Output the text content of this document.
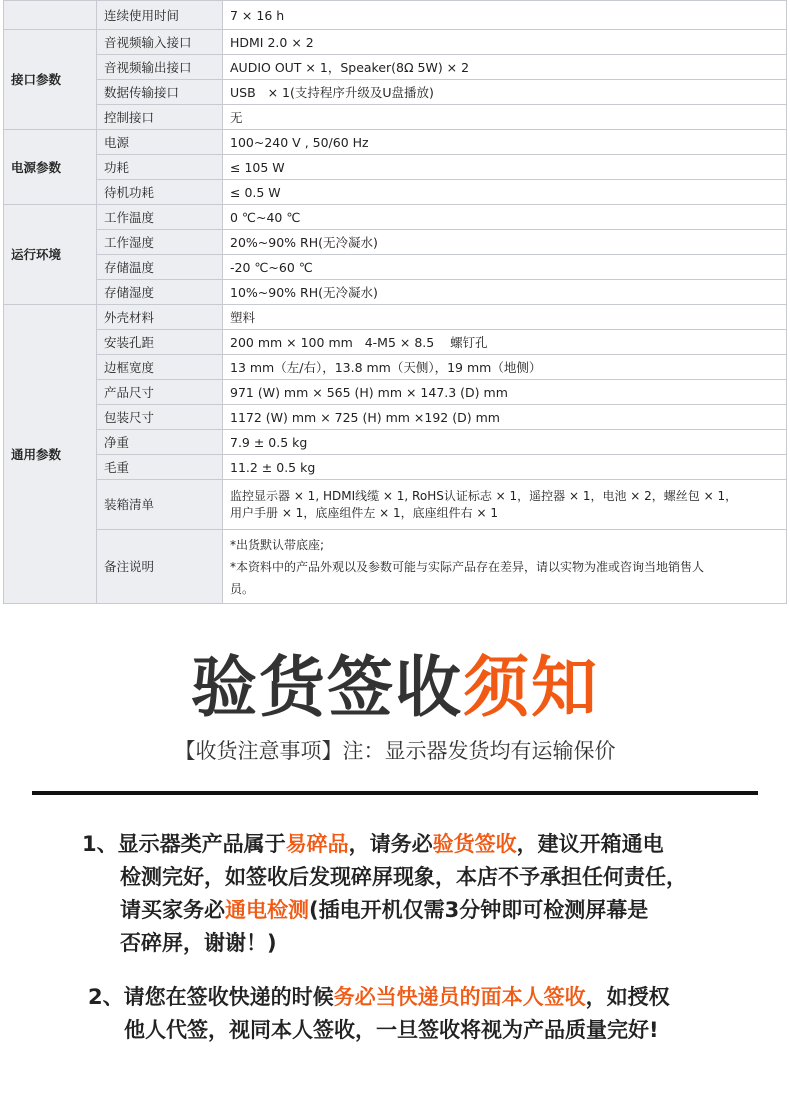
	连续使用时间	7 × 16 h
接口参数	音视频输入接口	HDMI 2.0 × 2
	音视频输出接口	AUDIO OUT × 1，Speaker(8Ω 5W) × 2
	数据传输接口	USB   × 1(支持程序升级及U盘播放)
	控制接口	无
电源参数	电源	100~240 V , 50/60 Hz
	功耗	≤ 105 W
	待机功耗	≤ 0.5 W
运行环境	工作温度	0 ℃~40 ℃
	工作湿度	20%~90% RH(无冷凝水)
	存储温度	-20 ℃~60 ℃
	存储湿度	10%~90% RH(无冷凝水)
通用参数	外壳材料	塑料
	安装孔距	200 mm × 100 mm   4-M5 × 8.5    螺钉孔
	边框宽度	13 mm（左/右），13.8 mm（天侧），19 mm（地侧）
	产品尺寸	971 (W) mm × 565 (H) mm × 147.3 (D) mm
	包装尺寸	1172 (W) mm × 725 (H) mm ×192 (D) mm
	净重	7.9 ± 0.5 kg
	毛重	11.2 ± 0.5 kg
	装箱清单	监控显示器 × 1, HDMI线缆 × 1, RoHS认证标志 × 1，遥控器 × 1，电池 × 2，螺丝包 × 1，
用户手册 × 1，底座组件左 × 1，底座组件右 × 1

	备注说明	*出货默认带底座;
*本资料中的产品外观以及参数可能与实际产品存在差异，请以实物为准或咨询当地销售人
员。
验货签收须知
【收货注意事项】注：显示器发货均有运输保价
1、显示器类产品属于易碎品，请务必验货签收，建议开箱通电
检测完好，如签收后发现碎屏现象，本店不予承担任何责任，
请买家务必通电检测(插电开机仅需3分钟即可检测屏幕是
否碎屏，谢谢！)
2、请您在签收快递的时候务必当快递员的面本人签收，如授权
他人代签，视同本人签收，一旦签收将视为产品质量完好!
